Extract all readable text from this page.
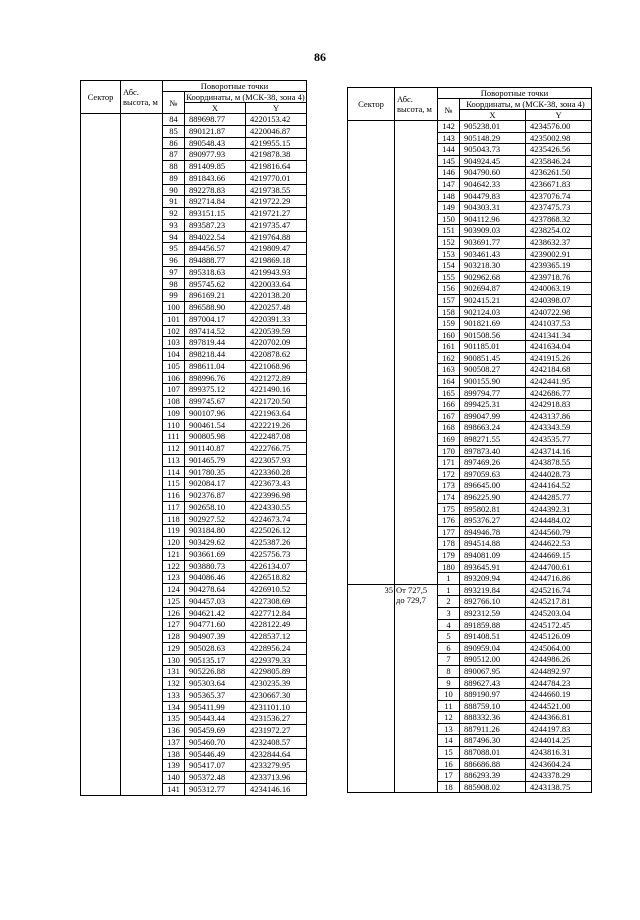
86
Сектор	Абс. высота, м	Поворотные точки		
		№	Координаты, м (МСК-38, зона 4)	
			X	Y
		84	889698.77	4220153.42
		85	890121.87	4220046.87
		86	890548.43	4219955.15
		87	890977.93	4219878.38
		88	891409.85	4219816.64
		89	891843.66	4219770.01
		90	892278.83	4219738.55
		91	892714.84	4219722.29
		92	893151.15	4219721.27
		93	893587.23	4219735.47
		94	894022.54	4219764.88
		95	894456.57	4219809.47
		96	894888.77	4219869.18
		97	895318.63	4219943.93
		98	895745.62	4220033.64
		99	896169.21	4220138.20
		100	896588.90	4220257.48
		101	897004.17	4220391.33
		102	897414.52	4220539.59
		103	897819.44	4220702.09
		104	898218.44	4220878.62
		105	898611.04	4221068.96
		106	898996.76	4221272.89
		107	899375.12	4221490.16
		108	899745.67	4221720.50
		109	900107.96	4221963.64
		110	900461.54	4222219.26
		111	900805.98	4222487.08
		112	901140.87	4222766.75
		113	901465.79	4223057.93
		114	901780.35	4223360.28
		115	902084.17	4223673.43
		116	902376.87	4223996.98
		117	902658.10	4224330.55
		118	902927.52	4224673.74
		119	903184.80	4225026.12
		120	903429.62	4225387.26
		121	903661.69	4225756.73
		122	903880.73	4226134.07
		123	904086.46	4226518.82
		124	904278.64	4226910.52
		125	904457.03	4227308.69
		126	904621.42	4227712.84
		127	904771.60	4228122.49
		128	904907.39	4228537.12
		129	905028.63	4228956.24
		130	905135.17	4229379.33
		131	905226.88	4229805.89
		132	905303.64	4230235.39
		133	905365.37	4230667.30
		134	905411.99	4231101.10
		135	905443.44	4231536.27
		136	905459.69	4231972.27
		137	905460.70	4232408.57
		138	905446.49	4232844.64
		139	905417.07	4233279.95
		140	905372.48	4233713.96
		141	905312.77	4234146.16
Сектор	Абс. высота, м	Поворотные точки		
		№	Координаты, м (МСК-38, зона 4)	
			X	Y
		142	905238.01	4234576.00
		143	905148.29	4235002.98
		144	905043.73	4235426.56
		145	904924.45	4235846.24
		146	904790.60	4236261.50
		147	904642.33	4236671.83
		148	904479.83	4237076.74
		149	904303.31	4237475.73
		150	904112.96	4237868.32
		151	903909.03	4238254.02
		152	903691.77	4238632.37
		153	903461.43	4239002.91
		154	903218.30	4239365.19
		155	902962.68	4239718.76
		156	902694.87	4240063.19
		157	902415.21	4240398.07
		158	902124.03	4240722.98
		159	901821.69	4241037.53
		160	901508.56	4241341.34
		161	901185.01	4241634.04
		162	900851.45	4241915.26
		163	900508.27	4242184.68
		164	900155.90	4242441.95
		165	899794.77	4242686.77
		166	899425.31	4242918.83
		167	899047.99	4243137.86
		168	898663.24	4243343.59
		169	898271.55	4243535.77
		170	897873.40	4243714.16
		171	897469.26	4243878.55
		172	897059.63	4244028.73
		173	896645.00	4244164.52
		174	896225.90	4244285.77
		175	895802.81	4244392.31
		176	895376.27	4244484.02
		177	894946.78	4244560.79
		178	894514.88	4244622.53
		179	894081.09	4244669.15
		180	893645.91	4244700.61
		1	893209.94	4244716.86
35	От 727,5 до 729,7	1	893219.84	4245216.74
		2	892766.10	4245217.81
		3	892312.59	4245203.04
		4	891859.88	4245172.45
		5	891408.51	4245126.09
		6	890959.04	4245064.00
		7	890512.00	4244986.26
		8	890067.95	4244892.97
		9	889627.43	4244784.23
		10	889190.97	4244660.19
		11	888759.10	4244521.00
		12	888332.36	4244366.81
		13	887911.26	4244197.83
		14	887496.30	4244014.25
		15	887088.01	4243816.31
		16	886686.88	4243604.24
		17	886293.39	4243378.29
		18	885908.02	4243138.75
